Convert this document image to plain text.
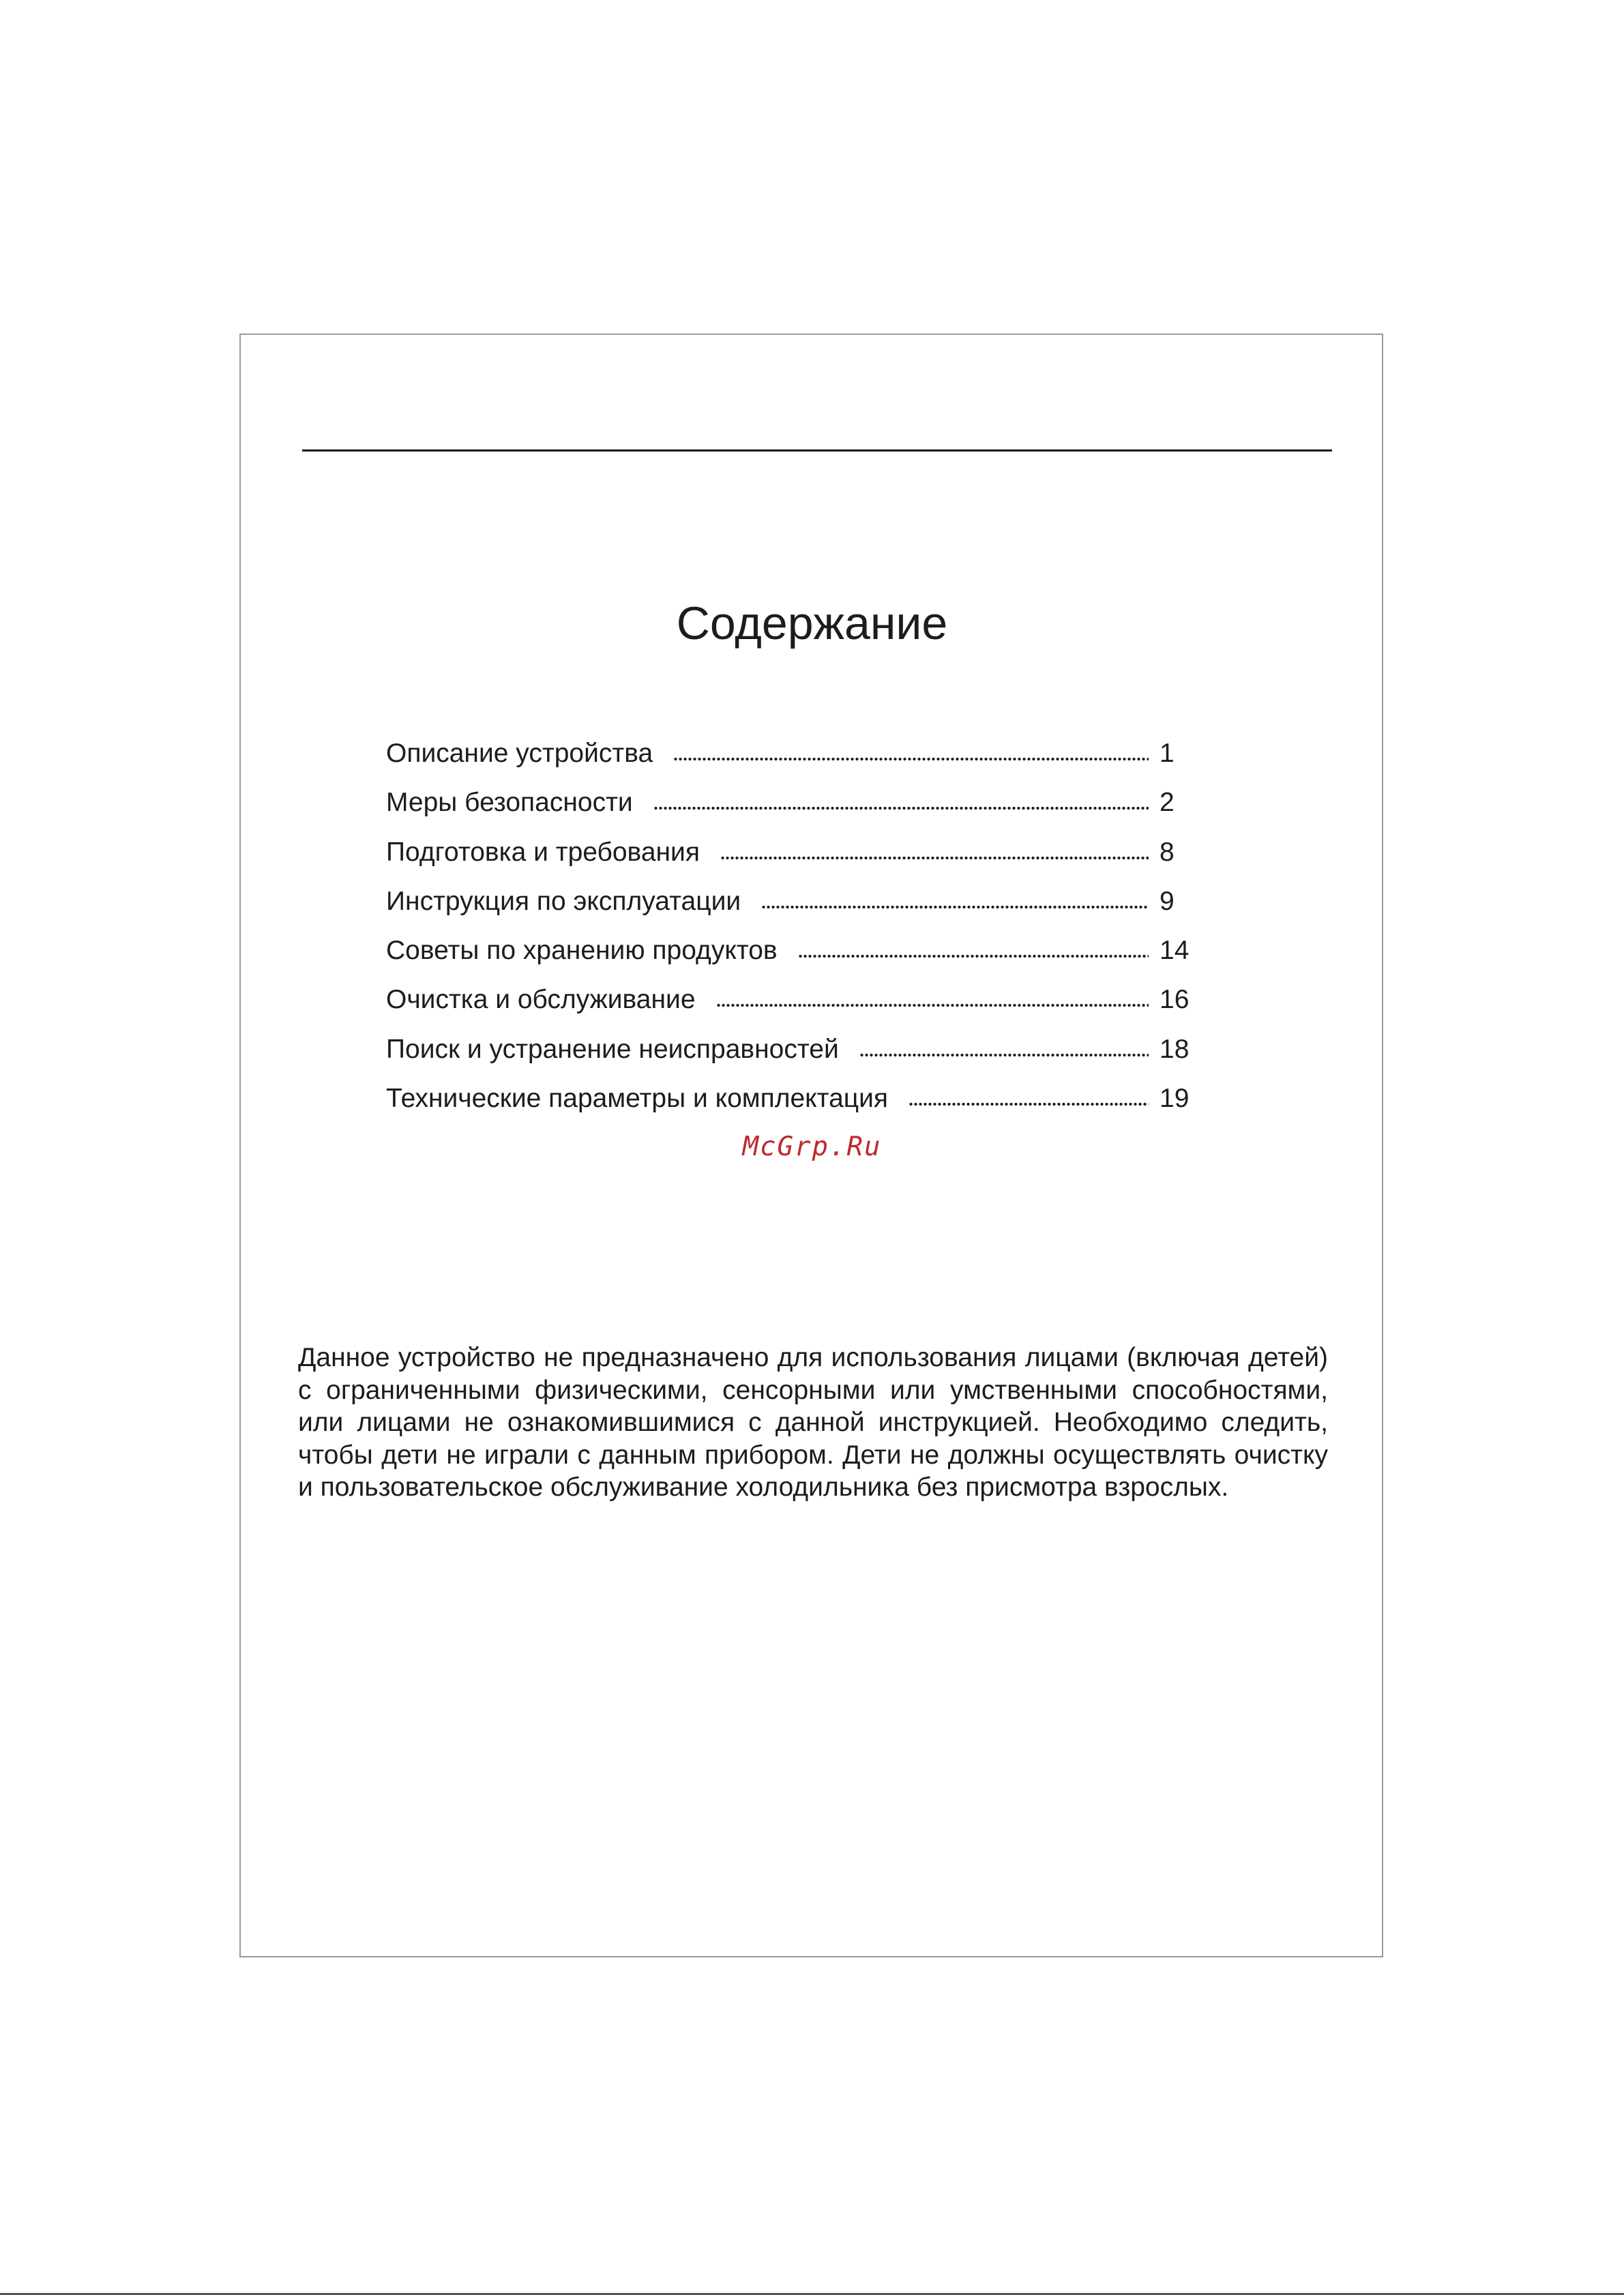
Содержание
Описание устройства	1
Меры безопасности	2
Подготовка и требования	8
Инструкция по эксплуатации	9
Советы по хранению продуктов	14
Очистка и обслуживание	16
Поиск и устранение неисправностей	18
Технические параметры и комплектация	19
McGrp.Ru

Данное устройство не предназначено для использования лицами (включая детей) с ограниченными физическими, сенсорными или умственными способностями, или лицами не ознакомившимися с данной инструкцией. Необходимо следить, чтобы дети не играли с данным прибором. Дети не должны осуществлять очистку и пользовательское обслуживание холодильника без присмотра взрослых.
